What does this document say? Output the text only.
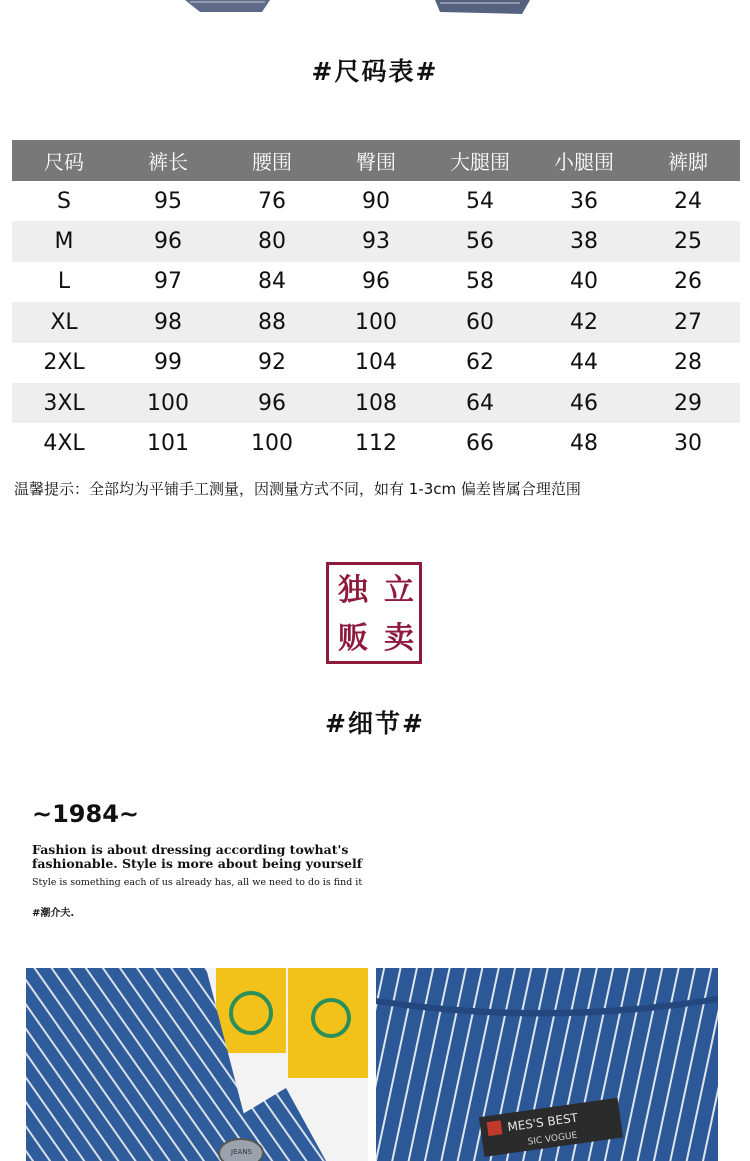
#尺码表#
尺码	裤长	腰围	臀围	大腿围	小腿围	裤脚
S	95	76	90	54	36	24
M	96	80	93	56	38	25
L	97	84	96	58	40	26
XL	98	88	100	60	42	27
2XL	99	92	104	62	44	28
3XL	100	96	108	64	46	29
4XL	101	100	112	66	48	30
温馨提示：全部均为平铺手工测量，因测量方式不同，如有 1-3cm 偏差皆属合理范围
独 立
贩 卖
#细节#
~1984~
Fashion is about dressing according towhat's fashionable. Style is more about being yourself
Style is something each of us already has, all we need to do is find it
#潮介夫.
JEANS
MES'S BEST
SIC VOGUE
